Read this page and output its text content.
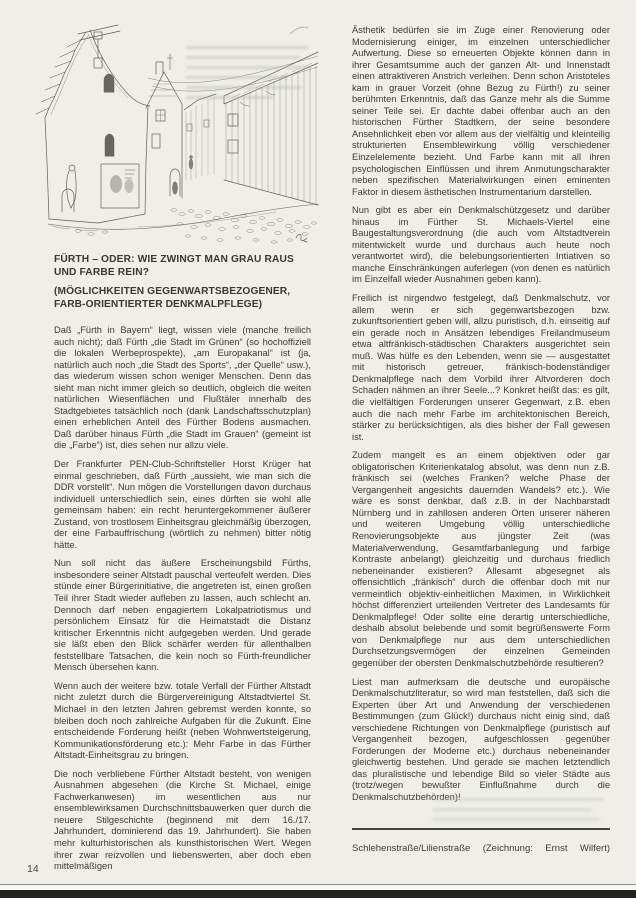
FÜRTH – ODER: WIE ZWINGT MAN GRAU RAUS UND FARBE REIN?
(MÖGLICHKEITEN GEGENWARTSBEZOGENER, FARB-ORIENTIERTER DENKMALPFLEGE)

Daß „Fürth in Bayern“ liegt, wissen viele (manche freilich auch nicht); daß Fürth „die Stadt im Grünen“ (so hochoffiziell die lokalen Werbeprospekte), „am Europakanal“ ist (ja, natürlich auch noch „die Stadt des Sports“, „der Quelle“ usw.), das wiederum wissen schon weniger Menschen. Denn das sieht man nicht immer gleich so deutlich, obgleich die weiten natürlichen Wiesenflächen und Flußtäler innerhalb des Stadtgebietes tatsächlich noch (dank Landschaftsschutzplan) einen erheblichen Anteil des Fürther Bodens ausmachen. Daß darüber hinaus Fürth „die Stadt im Grauen“ (gemeint ist die „Farbe“) ist, dies sehen nur allzu viele.

Der Frankfurter PEN-Club-Schriftsteller Horst Krüger hat einmal geschrieben, daß Fürth „aussieht, wie man sich die DDR vorstellt“. Nun mögen die Vorstellungen davon durchaus individuell unterschiedlich sein, eines dürften sie wohl alle gemeinsam haben: ein recht heruntergekommener äußerer Zustand, von trostlosem Einheitsgrau gleichmäßig überzogen, der eine Farbauffrischung (wörtlich zu nehmen) bitter nötig hätte.

Nun soll nicht das äußere Erscheinungsbild Fürths, insbesondere seiner Altstadt pauschal verteufelt werden. Dies stünde einer Bürgerinitiative, die angetreten ist, einen großen Teil ihrer Stadt wieder aufleben zu lassen, auch schlecht an. Dennoch darf neben engagiertem Lokalpatriotismus und persönlichem Einsatz für die Heimatstadt die Distanz kritischer Erkenntnis nicht aufgegeben werden. Und gerade sie läßt eben den Blick schärfer werden für allenthalben feststellbare Tatsachen, die kein noch so Fürth-freundlicher Mensch übersehen kann.

Wenn auch der weitere bzw. totale Verfall der Fürther Altstadt nicht zuletzt durch die Bürgervereinigung Altstadtviertel St. Michael in den letzten Jahren gebremst werden konnte, so bleiben doch noch zahlreiche Aufgaben für die Zukunft. Eine entscheidende Forderung heißt (neben Wohnwertsteigerung, Kommunikationsförderung etc.): Mehr Farbe in das Fürther Altstadt-Einheitsgrau zu bringen.

Die noch verbliebene Fürther Altstadt besteht, von wenigen Ausnahmen abgesehen (die Kirche St. Michael, einige Fachwerkanwesen) im wesentlichen aus nur ensemblewirksamen Durchschnittsbauwerken quer durch die neuere Stilgeschichte (beginnend mit dem 16./17. Jahrhundert, dominierend das 19. Jahrhundert). Sie haben mehr kulturhistorischen als kunsthistorischen Wert. Wegen ihrer zwar reizvollen und liebenswerten, aber doch eben mittelmäßigen

Ästhetik bedürfen sie im Zuge einer Renovierung oder Modernisierung einiger, im einzelnen unterschiedlicher Aufwertung. Diese so erneuerten Objekte können dann in ihrer Gesamtsumme auch der ganzen Alt- und Innenstadt einen attraktiveren Anstrich verleihen. Denn schon Aristoteles kam in grauer Vorzeit (ohne Bezug zu Fürth!) zu seiner berühmten Erkenntnis, daß das Ganze mehr als die Summe seiner Teile sei. Er dachte dabei offenbar auch an den historischen Fürther Stadtkern, der seine besondere Ansehnlichkeit eben vor allem aus der vielfältig und kleinteilig strukturierten Ensemblewirkung völlig verschiedener Einzelelemente bezieht. Und Farbe kann mit all ihren psychologischen Einflüssen und ihrem Anmutungscharakter neben spezifischen Materialwirkungen einen eminenten Faktor in diesem ästhetischen Instrumentarium darstellen.

Nun gibt es aber ein Denkmalschützgesetz und darüber hinaus im Fürther St. Michaels-Viertel eine Baugestaltungsverordnung (die auch vom Altstadtverein mitentwickelt wurde und durchaus auch heute noch verantwortet wird), die belebungsorientierten Intiativen so manche Einschränkungen auferlegen (von denen es natürlich im Einzelfall wieder Ausnahmen geben kann).

Freilich ist nirgendwo festgelegt, daß Denkmalschutz, vor allem wenn er sich gegenwartsbezogen bzw. zukunftsorientiert geben will, allzu puristisch, d.h. einseitig auf ein gerade noch in Ansätzen lebendiges Freilandmuseum etwa altfränkisch-städtischen Charakters ausgerichtet sein muß. Was hülfe es den Lebenden, wenn sie — ausgestattet mit historisch getreuer, fränkisch-bodenständiger Denkmalpflege nach dem Vorbild ihrer Altvorderen doch Schaden nähmen an ihrer Seele...? Konkret heißt das: es gilt, die vielfältigen Forderungen unserer Gegenwart, z.B. eben auch die nach mehr Farbe im architektonischen Bereich, stärker zu berücksichtigen, als dies bisher der Fall gewesen ist.

Zudem mangelt es an einem objektiven oder gar obligatorischen Kriterienkatalog absolut, was denn nun z.B. fränkisch sei (welches Franken? welche Phase der Vergangenheit angesichts dauernden Wandels? etc.). Wie wäre es sonst denkbar, daß z.B. in der Nachbarstadt Nürnberg und in zahllosen anderen Orten unserer näheren und weiteren Umgebung völlig unterschiedliche Renovierungsobjekte aus jüngster Zeit (was Materialverwendung, Gesamtfarbanlegung und farbige Kontraste anbelangt) gleichzeitig und durchaus friedlich nebeneinander existieren? Allesamt abgesegnet als offensichtlich „fränkisch“ durch die offenbar doch mit nur vermeintlich objektiv-einheitlichen Maximen, in Wirklichkeit höchst differenziert urteilenden Vertreter des Landesamts für Denkmalpflege! Oder sollte eine derartig unterschiedliche, deshalb absolut belebende und somit begrüßenswerte Form von Denkmalpflege nur aus dem unterschiedlichen Durchsetzungsvermögen der einzelnen Gemeinden gegenüber der obersten Denkmalschutzbehörde resultieren?

Liest man aufmerksam die deutsche und europäische Denkmalschutzliteratur, so wird man feststellen, daß sich die Experten über Art und Anwendung der verschiedenen Bestimmungen (zum Glück!) durchaus nicht einig sind, daß verschiedene Richtungen von Denkmalpflege (puristisch auf Vergangenheit bezogen, aufgeschlossen gegenüber Forderungen der Moderne etc.) durchaus nebeneinander gleichwertig bestehen. Und gerade sie machen letztendlich das pluralistische und lebendige Bild so vieler Städte aus (trotz/wegen bewußter Einflußnahme durch die Denkmalschutzbehörden)!

Schlehenstraße/Lilienstraße (Zeichnung: Ernst Wilfert)
14
